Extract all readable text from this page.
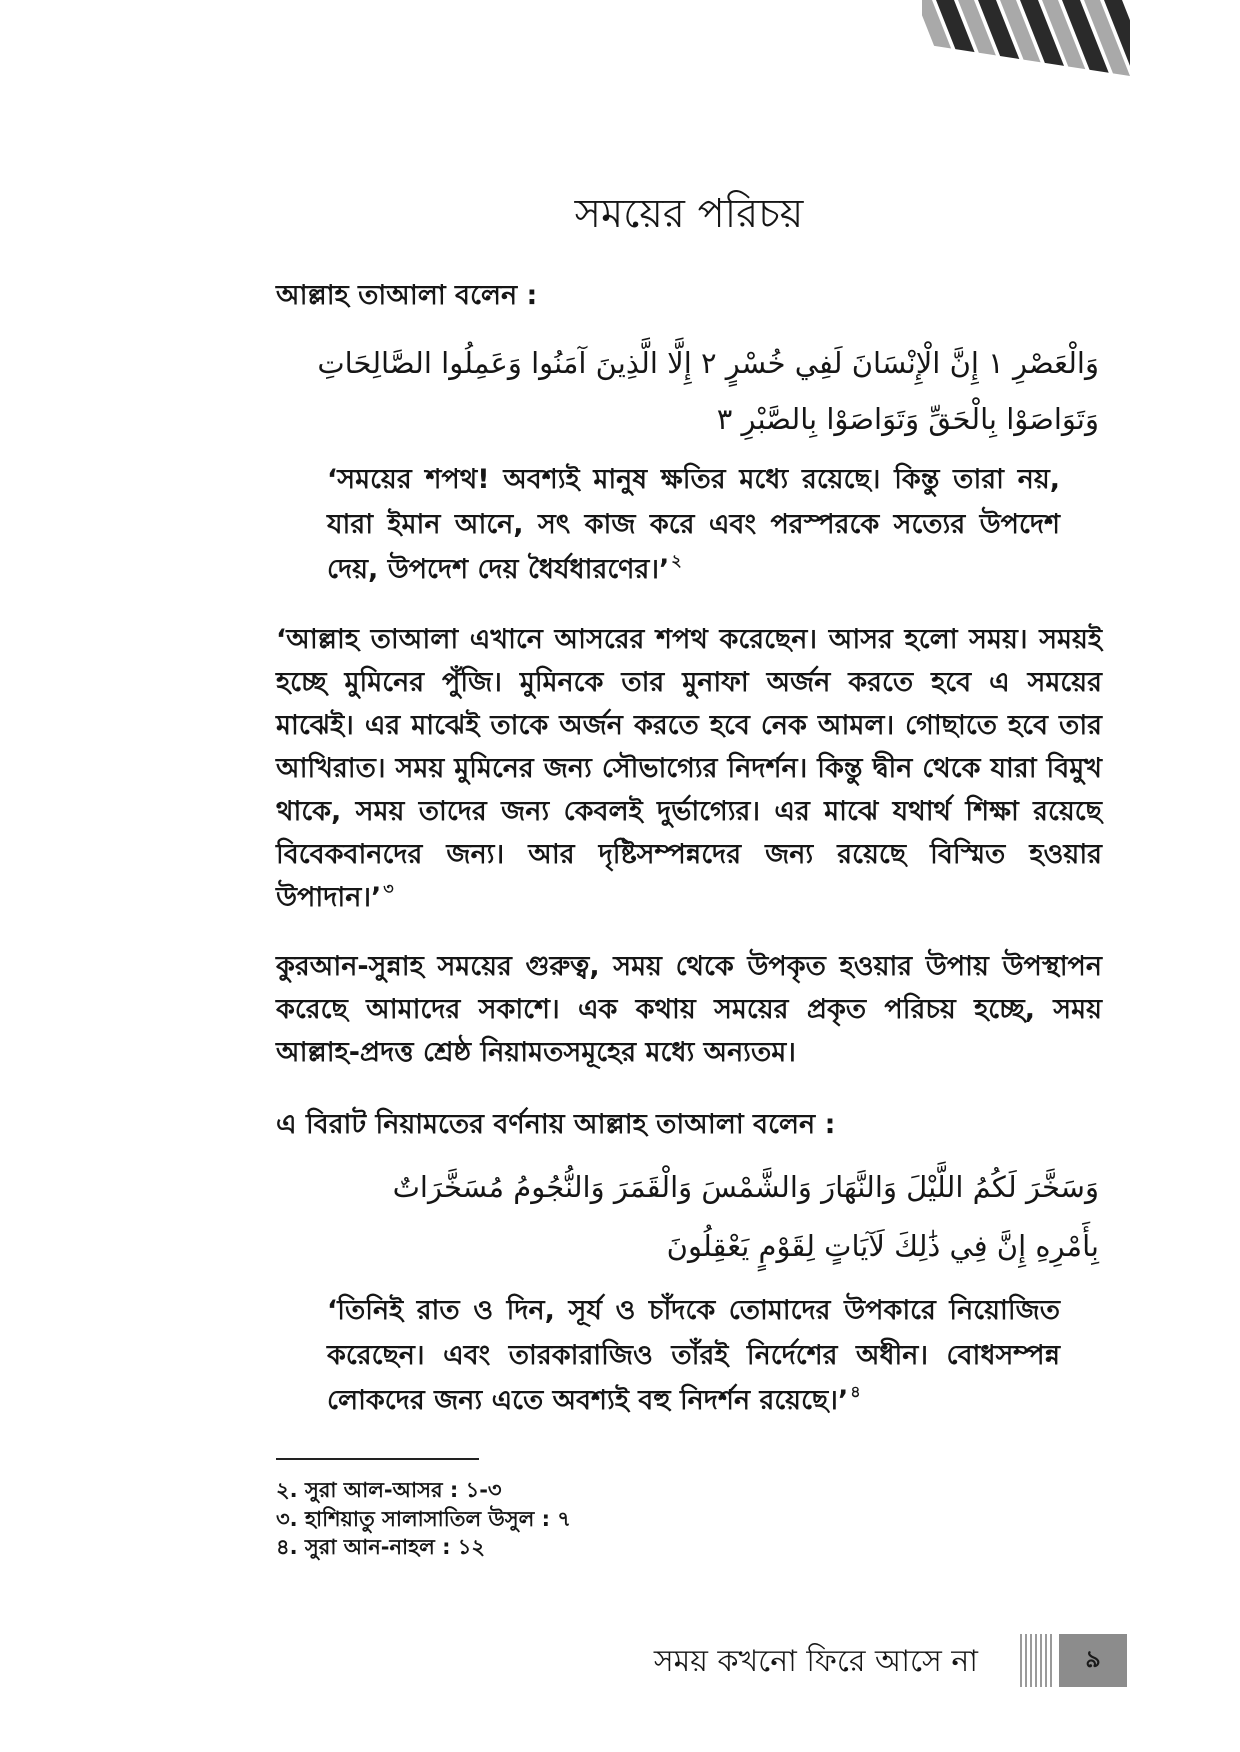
সময়ের পরিচয়

আল্লাহ তাআলা বলেন :

وَالْعَصْرِ ١ إِنَّ الْإِنْسَانَ لَفِي خُسْرٍ ٢ إِلَّا الَّذِينَ آمَنُوا وَعَمِلُوا الصَّالِحَاتِ
وَتَوَاصَوْا بِالْحَقِّ وَتَوَاصَوْا بِالصَّبْرِ ٣

‘সময়ের শপথ! অবশ্যই মানুষ ক্ষতির মধ্যে রয়েছে। কিন্তু তারা নয়, যারা ইমান আনে, সৎ কাজ করে এবং পরস্পরকে সত্যের উপদেশ দেয়, উপদেশ দেয় ধৈর্যধারণের।’ $^২$

‘আল্লাহ তাআলা এখানে আসরের শপথ করেছেন। আসর হলো সময়। সময়ই হচ্ছে মুমিনের পুঁজি। মুমিনকে তার মুনাফা অর্জন করতে হবে এ সময়ের মাঝেই। এর মাঝেই তাকে অর্জন করতে হবে নেক আমল। গোছাতে হবে তার আখিরাত। সময় মুমিনের জন্য সৌভাগ্যের নিদর্শন। কিন্তু দ্বীন থেকে যারা বিমুখ থাকে, সময় তাদের জন্য কেবলই দুর্ভাগ্যের। এর মাঝে যথার্থ শিক্ষা রয়েছে বিবেকবানদের জন্য। আর দৃষ্টিসম্পন্নদের জন্য রয়েছে বিস্মিত হওয়ার উপাদান।’ $^৩$

কুরআন-সুন্নাহ সময়ের গুরুত্ব, সময় থেকে উপকৃত হওয়ার উপায় উপস্থাপন করেছে আমাদের সকাশে। এক কথায় সময়ের প্রকৃত পরিচয় হচ্ছে, সময় আল্লাহ-প্রদত্ত শ্রেষ্ঠ নিয়ামতসমূহের মধ্যে অন্যতম।

এ বিরাট নিয়ামতের বর্ণনায় আল্লাহ তাআলা বলেন :

وَسَخَّرَ لَكُمُ اللَّيْلَ وَالنَّهَارَ وَالشَّمْسَ وَالْقَمَرَ وَالنُّجُومُ مُسَخَّرَاتٌ
بِأَمْرِهِ إِنَّ فِي ذَٰلِكَ لَآيَاتٍ لِقَوْمٍ يَعْقِلُونَ

‘তিনিই রাত ও দিন, সূর্য ও চাঁদকে তোমাদের উপকারে নিয়োজিত করেছেন। এবং তারকারাজিও তাঁরই নির্দেশের অধীন। বোধসম্পন্ন লোকদের জন্য এতে অবশ্যই বহু নিদর্শন রয়েছে।’ $^৪$

২. সুরা আল-আসর : ১-৩

৩. হাশিয়াতু সালাসাতিল উসুল : ৭

৪. সুরা আন-নাহল : ১২

সময় কখনো ফিরে আসে না	৯
